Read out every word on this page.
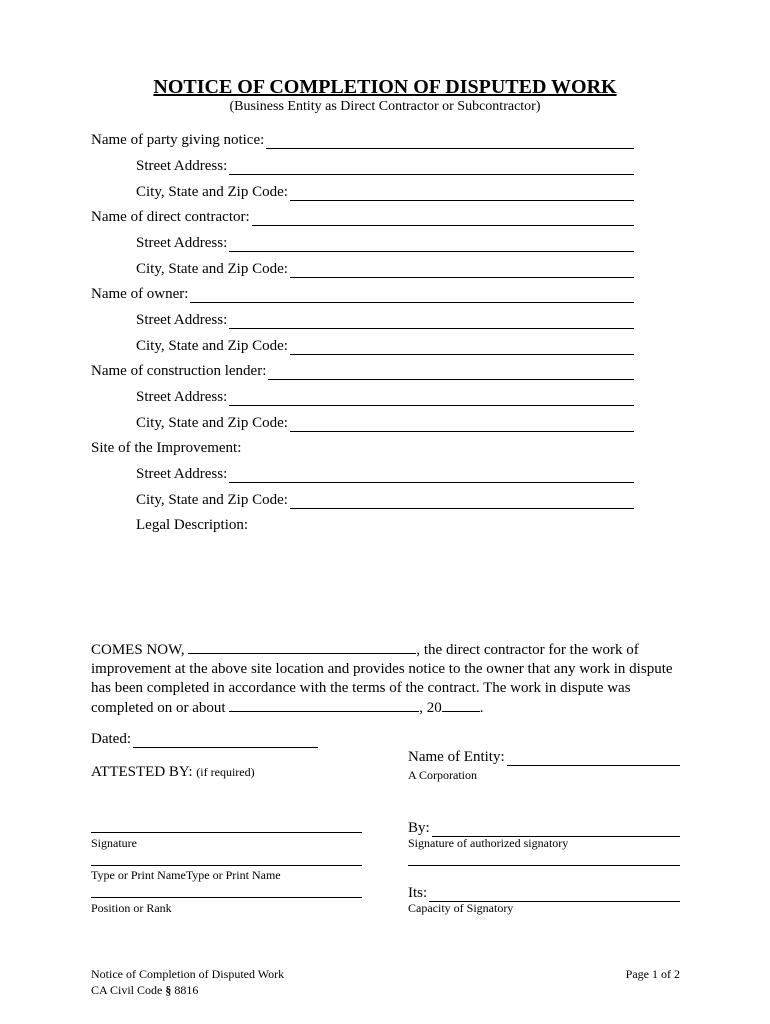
NOTICE OF COMPLETION OF DISPUTED WORK
(Business Entity as Direct Contractor or Subcontractor)
Name of party giving notice:
Street Address:
City, State and Zip Code:
Name of direct contractor:
Street Address:
City, State and Zip Code:
Name of owner:
Street Address:
City, State and Zip Code:
Name of construction lender:
Street Address:
City, State and Zip Code:
Site of the Improvement:
Street Address:
City, State and Zip Code:
Legal Description:
COMES NOW,	, the direct contractor for the work of improvement at the above site location and provides notice to the owner that any work in dispute has been completed in accordance with the terms of the contract. The work in dispute was completed on or about	, 20	.
Dated:
Name of Entity:
A Corporation
ATTESTED BY: (if required)
Signature
Type or Print NameType or Print Name
Position or Rank
By:
Signature of authorized signatory
Its:
Capacity of Signatory
Notice of Completion of Disputed Work
CA Civil Code § 8816
Page 1 of 2
